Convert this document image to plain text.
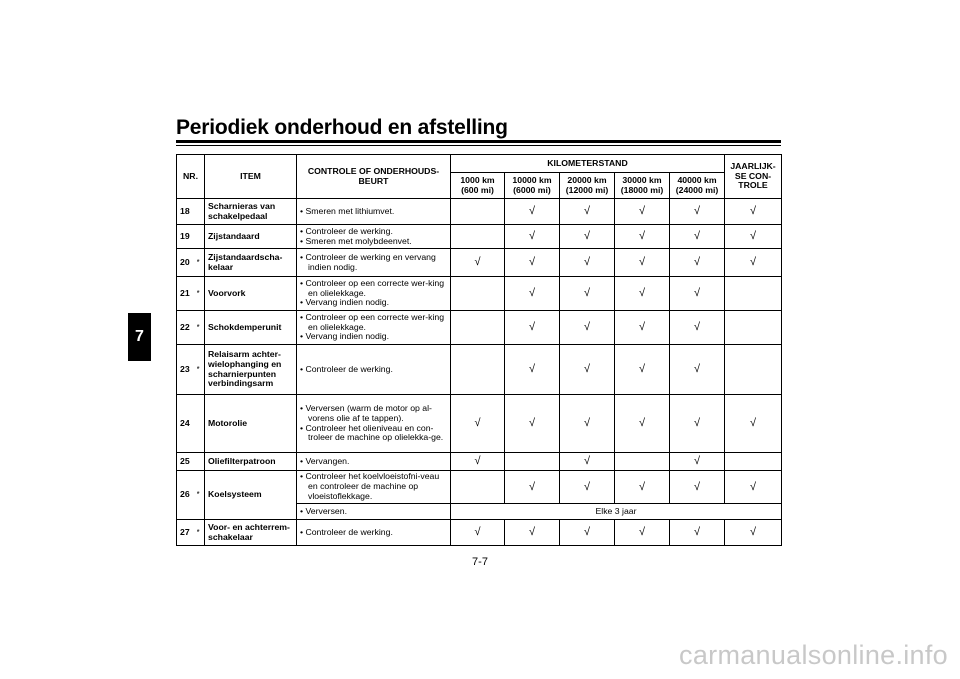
Periodiek onderhoud en afstelling
7
NR.		ITEM	CONTROLE OF ONDERHOUDS-BEURT	KILOMETERSTAND					JAARLIJK-SE CON-TROLE
				1000 km (600 mi)	10000 km (6000 mi)	20000 km (12000 mi)	30000 km (18000 mi)	40000 km (24000 mi)	
18		Scharnieras van schakelpedaal	• Smeren met lithiumvet.		√	√	√	√	√
19		Zijstandaard	• Controleer de werking.
• Smeren met molybdeenvet.		√	√	√	√	√
20	*	Zijstandaardscha-kelaar	• Controleer de werking en vervang indien nodig.	√	√	√	√	√	√
21	*	Voorvork	• Controleer op een correcte wer-king en olielekkage.
• Vervang indien nodig.		√	√	√	√	
22	*	Schokdemperunit	• Controleer op een correcte wer-king en olielekkage.
• Vervang indien nodig.		√	√	√	√	
23	*	Relaisarm achter-wielophanging en scharnierpunten verbindingsarm	• Controleer de werking.		√	√	√	√	
24		Motorolie	• Verversen (warm de motor op al-vorens olie af te tappen).
• Controleer het olieniveau en con-troleer de machine op olielekka-ge.	√	√	√	√	√	√
25		Oliefilterpatroon	• Vervangen.	√		√		√	
26	*	Koelsysteem	• Controleer het koelvloeistofni-veau en controleer de machine op vloeistoflekkage.		√	√	√	√	√

			• Verversen.	Elke 3 jaar					
27	*	Voor- en achterrem-schakelaar	• Controleer de werking.	√	√	√	√	√	√
7-7
carmanualsonline.info
